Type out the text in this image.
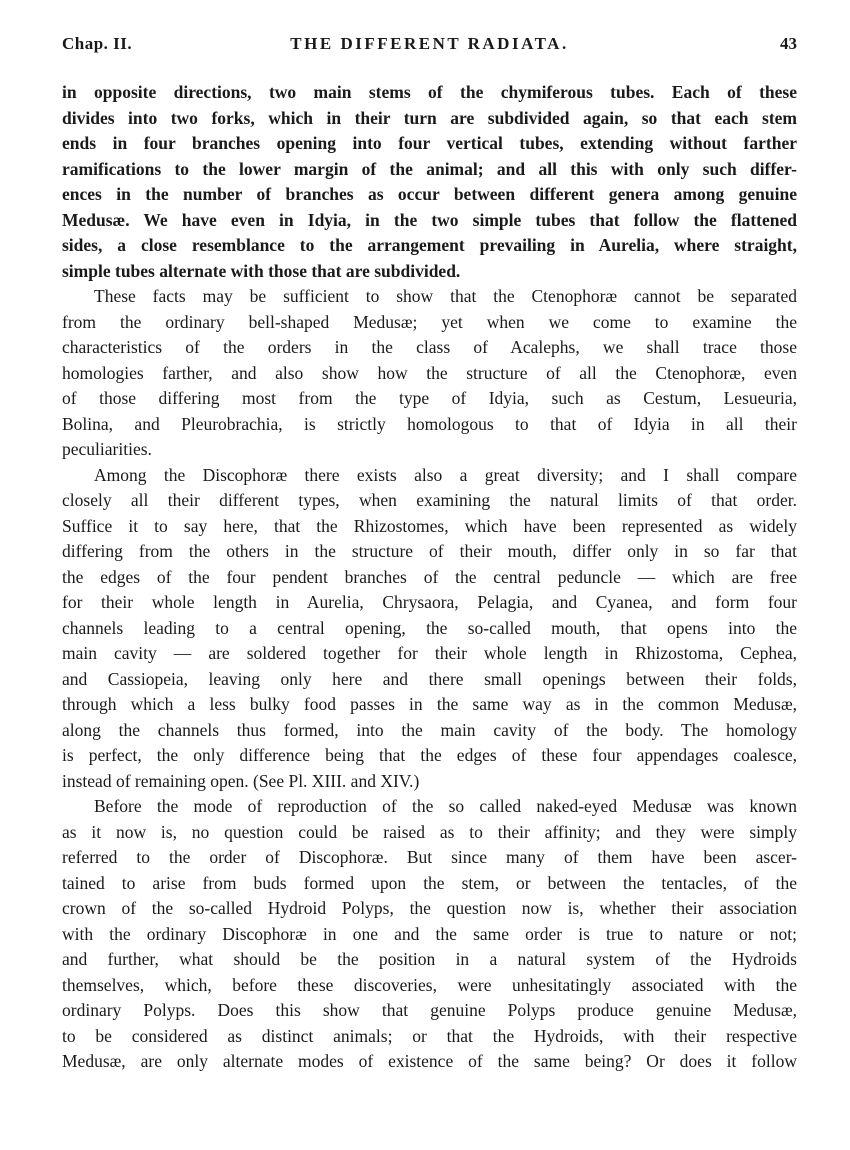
Chap. II.	THE DIFFERENT RADIATA.	43
in opposite directions, two main stems of the chymiferous tubes. Each of these
divides into two forks, which in their turn are subdivided again, so that each stem
ends in four branches opening into four vertical tubes, extending without farther
ramifications to the lower margin of the animal; and all this with only such differ-
ences in the number of branches as occur between different genera among genuine
Medusæ. We have even in Idyia, in the two simple tubes that follow the flattened
sides, a close resemblance to the arrangement prevailing in Aurelia, where straight,
simple tubes alternate with those that are subdivided.
These facts may be sufficient to show that the Ctenophoræ cannot be separated
from the ordinary bell-shaped Medusæ; yet when we come to examine the
characteristics of the orders in the class of Acalephs, we shall trace those
homologies farther, and also show how the structure of all the Ctenophoræ, even
of those differing most from the type of Idyia, such as Cestum, Lesueuria,
Bolina, and Pleurobrachia, is strictly homologous to that of Idyia in all their
peculiarities.
Among the Discophoræ there exists also a great diversity; and I shall compare
closely all their different types, when examining the natural limits of that order.
Suffice it to say here, that the Rhizostomes, which have been represented as widely
differing from the others in the structure of their mouth, differ only in so far that
the edges of the four pendent branches of the central peduncle — which are free
for their whole length in Aurelia, Chrysaora, Pelagia, and Cyanea, and form four
channels leading to a central opening, the so-called mouth, that opens into the
main cavity — are soldered together for their whole length in Rhizostoma, Cephea,
and Cassiopeia, leaving only here and there small openings between their folds,
through which a less bulky food passes in the same way as in the common Medusæ,
along the channels thus formed, into the main cavity of the body. The homology
is perfect, the only difference being that the edges of these four appendages coalesce,
instead of remaining open. (See Pl. XIII. and XIV.)
Before the mode of reproduction of the so called naked-eyed Medusæ was known
as it now is, no question could be raised as to their affinity; and they were simply
referred to the order of Discophoræ. But since many of them have been ascer-
tained to arise from buds formed upon the stem, or between the tentacles, of the
crown of the so-called Hydroid Polyps, the question now is, whether their association
with the ordinary Discophoræ in one and the same order is true to nature or not;
and further, what should be the position in a natural system of the Hydroids
themselves, which, before these discoveries, were unhesitatingly associated with the
ordinary Polyps. Does this show that genuine Polyps produce genuine Medusæ,
to be considered as distinct animals; or that the Hydroids, with their respective
Medusæ, are only alternate modes of existence of the same being? Or does it follow
